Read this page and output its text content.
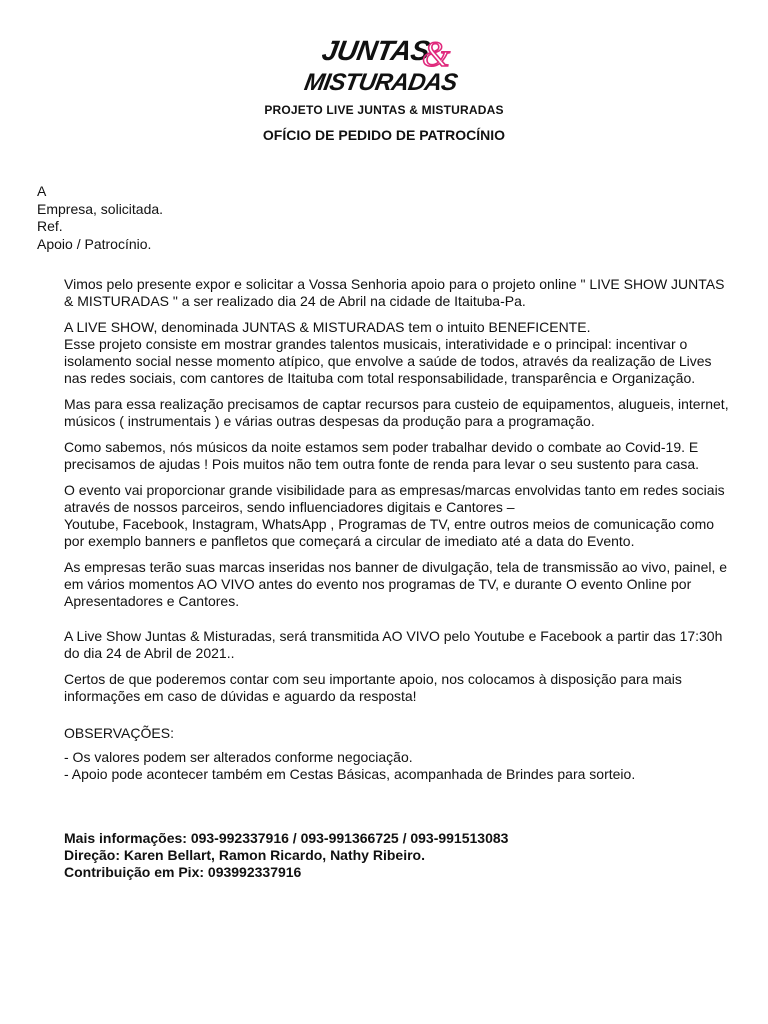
JUNTAS
MISTURADAS
&
PROJETO LIVE JUNTAS & MISTURADAS
OFÍCIO DE PEDIDO DE PATROCÍNIO
A
Empresa, solicitada.
Ref.
Apoio / Patrocínio.

Vimos pelo presente expor e solicitar a Vossa Senhoria apoio para o projeto online " LIVE SHOW JUNTAS & MISTURADAS " a ser realizado dia 24 de Abril na cidade de Itaituba-Pa.

A LIVE SHOW, denominada JUNTAS & MISTURADAS tem o intuito BENEFICENTE.
Esse projeto consiste em mostrar grandes talentos musicais, interatividade e o principal: incentivar o isolamento social nesse momento atípico, que envolve a saúde de todos, através da realização de Lives nas redes sociais, com cantores de Itaituba com total responsabilidade, transparência e Organização.

Mas para essa realização precisamos de captar recursos para custeio de equipamentos, alugueis, internet, músicos ( instrumentais ) e várias outras despesas da produção para a programação.

Como sabemos, nós músicos da noite estamos sem poder trabalhar devido o combate ao Covid-19. E precisamos de ajudas ! Pois muitos não tem outra fonte de renda para levar o seu sustento para casa.

O evento vai proporcionar grande visibilidade para as empresas/marcas envolvidas tanto em redes sociais através de nossos parceiros, sendo influenciadores digitais e Cantores –
Youtube, Facebook, Instagram, WhatsApp , Programas de TV, entre outros meios de comunicação como por exemplo banners e panfletos que começará a circular de imediato até a data do Evento.

As empresas terão suas marcas inseridas nos banner de divulgação, tela de transmissão ao vivo, painel, e em vários momentos AO VIVO antes do evento nos programas de TV, e durante O evento Online por Apresentadores e Cantores.

A Live Show Juntas & Misturadas, será transmitida AO VIVO pelo Youtube e Facebook a partir das 17:30h do dia 24 de Abril de 2021..

Certos de que poderemos contar com seu importante apoio, nos colocamos à disposição para mais informações em caso de dúvidas e aguardo da resposta!

OBSERVAÇÕES:
- Os valores podem ser alterados conforme negociação.
- Apoio pode acontecer também em Cestas Básicas, acompanhada de Brindes para sorteio.
Mais informações: 093-992337916 / 093-991366725 / 093-991513083
Direção: Karen Bellart, Ramon Ricardo, Nathy Ribeiro.
Contribuição em Pix: 093992337916
